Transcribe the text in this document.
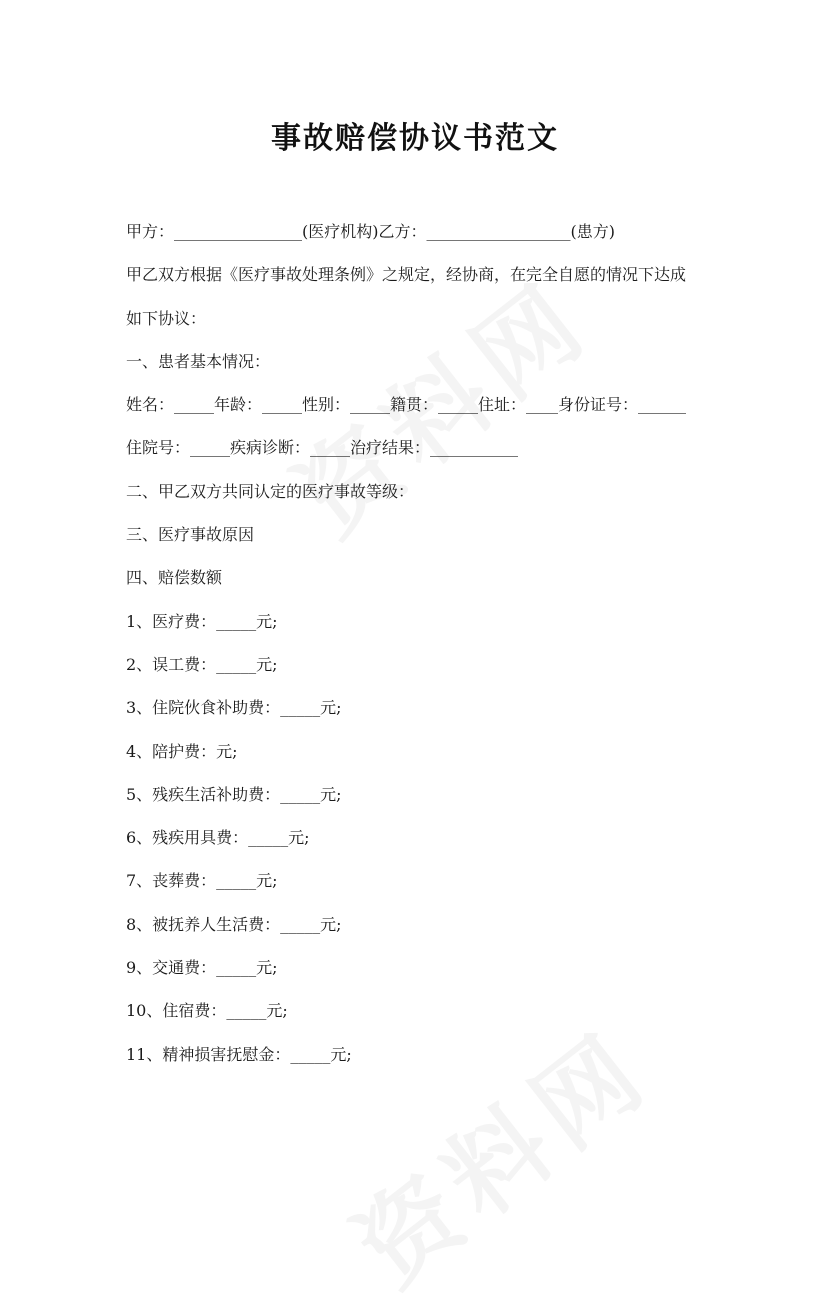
事故赔偿协议书范文
甲方：________________(医疗机构)乙方：__________________(患方)
甲乙双方根据《医疗事故处理条例》之规定，经协商，在完全自愿的情况下达成
如下协议：
一、患者基本情况：
姓名：_____年龄：_____性别：_____籍贯：_____住址：____身份证号：______
住院号：_____疾病诊断：_____治疗结果：___________
二、甲乙双方共同认定的医疗事故等级：
三、医疗事故原因
四、赔偿数额
1、医疗费：_____元;
2、误工费：_____元;
3、住院伙食补助费：_____元;
4、陪护费：元;
5、残疾生活补助费：_____元;
6、残疾用具费：_____元;
7、丧葬费：_____元;
8、被抚养人生活费：_____元;
9、交通费：_____元;
10、住宿费：_____元;
11、精神损害抚慰金：_____元;
